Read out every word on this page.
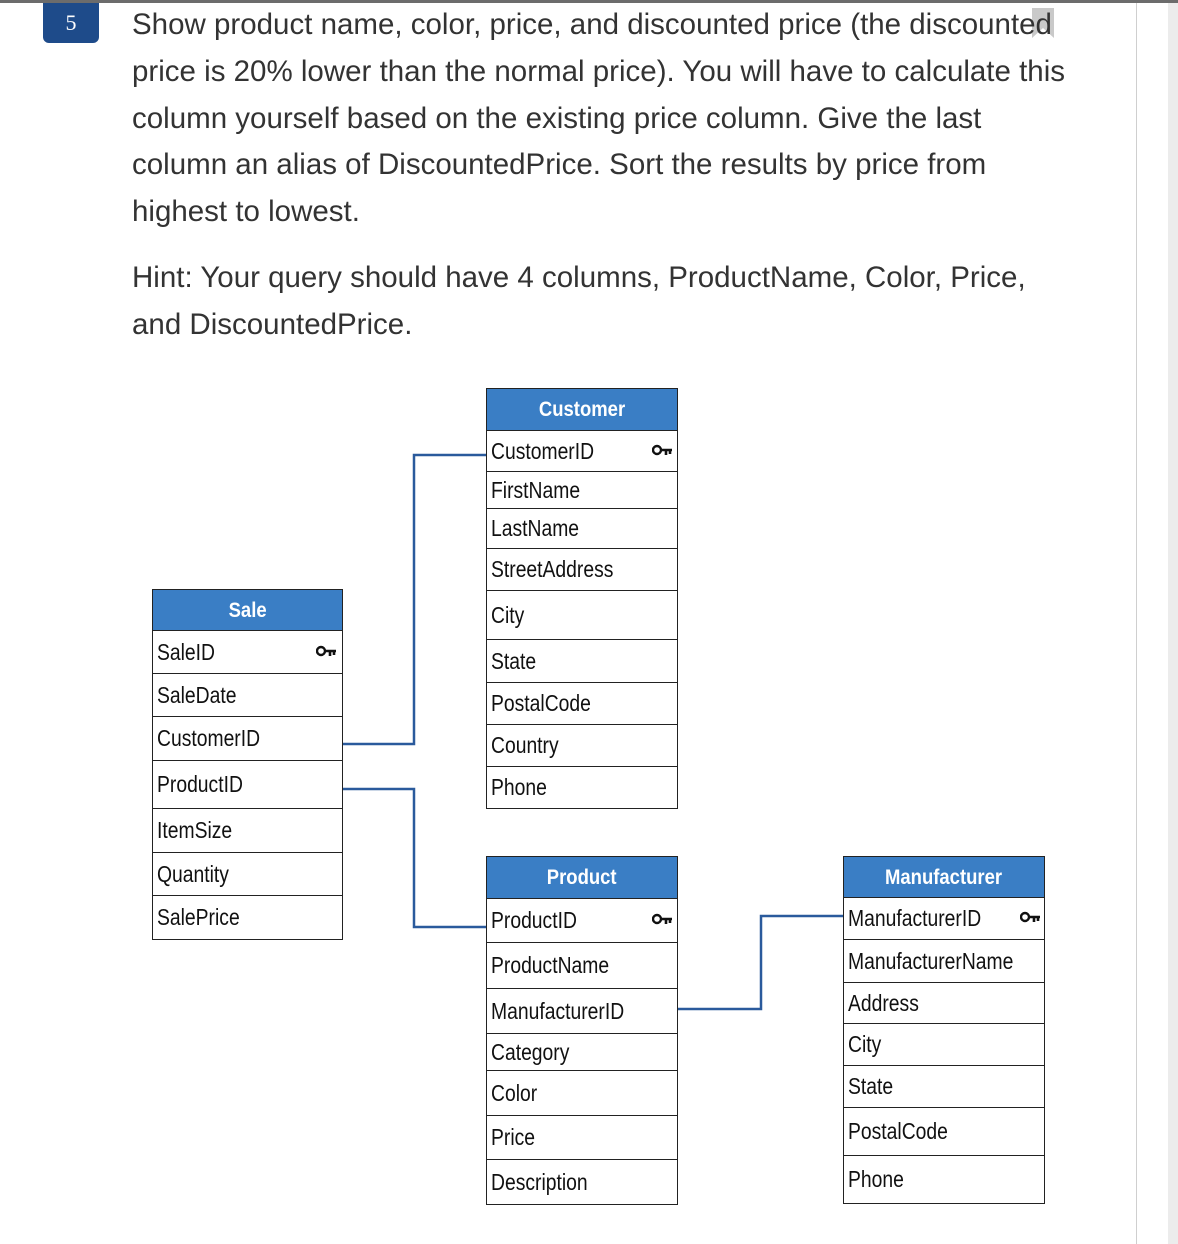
5 Show product name, color, price, and discounted price (the discounted price is 20% lower than the normal price). You will have to calculate this column yourself based on the existing price column. Give the last column an alias of DiscountedPrice. Sort the results by price from highest to lowest.

Hint: Your query should have 4 columns, ProductName, Color, Price, and DiscountedPrice.

Customer
CustomerID
FirstName
LastName
StreetAddress
City
State
PostalCode
Country
Phone
Sale
SaleID
SaleDate
CustomerID
ProductID
ItemSize
Quantity
SalePrice
Product
ProductID
ProductName
ManufacturerID
Category
Color
Price
Description
Manufacturer
ManufacturerID
ManufacturerName
Address
City
State
PostalCode
Phone
